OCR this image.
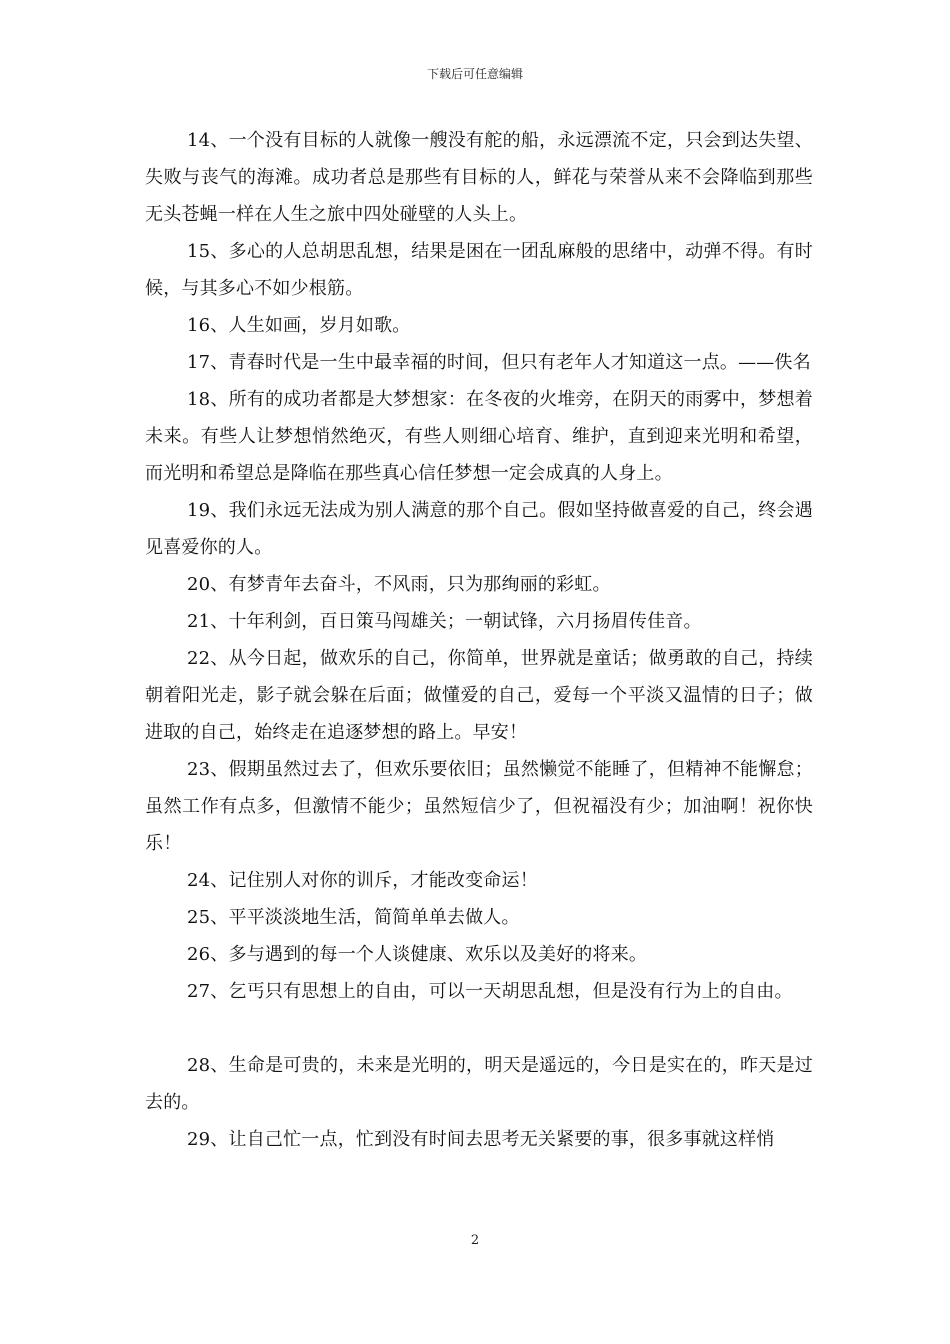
下载后可任意编辑

14、一个没有目标的人就像一艘没有舵的船，永远漂流不定，只会到达失望、失败与丧气的海滩。成功者总是那些有目标的人，鲜花与荣誉从来不会降临到那些无头苍蝇一样在人生之旅中四处碰壁的人头上。

15、多心的人总胡思乱想，结果是困在一团乱麻般的思绪中，动弹不得。有时候，与其多心不如少根筋。

16、人生如画，岁月如歌。

17、青春时代是一生中最幸福的时间，但只有老年人才知道这一点。——佚名

18、所有的成功者都是大梦想家：在冬夜的火堆旁，在阴天的雨雾中，梦想着未来。有些人让梦想悄然绝灭，有些人则细心培育、维护，直到迎来光明和希望，而光明和希望总是降临在那些真心信任梦想一定会成真的人身上。

19、我们永远无法成为别人满意的那个自己。假如坚持做喜爱的自己，终会遇见喜爱你的人。

20、有梦青年去奋斗，不风雨，只为那绚丽的彩虹。

21、十年利剑，百日策马闯雄关；一朝试锋，六月扬眉传佳音。

22、从今日起，做欢乐的自己，你简单，世界就是童话；做勇敢的自己，持续朝着阳光走，影子就会躲在后面；做懂爱的自己，爱每一个平淡又温情的日子；做进取的自己，始终走在追逐梦想的路上。早安！

23、假期虽然过去了，但欢乐要依旧；虽然懒觉不能睡了，但精神不能懈怠；虽然工作有点多，但激情不能少；虽然短信少了，但祝福没有少；加油啊！祝你快乐！

24、记住别人对你的训斥，才能改变命运！

25、平平淡淡地生活，简简单单去做人。

26、多与遇到的每一个人谈健康、欢乐以及美好的将来。

27、乞丐只有思想上的自由，可以一天胡思乱想，但是没有行为上的自由。

28、生命是可贵的，未来是光明的，明天是遥远的，今日是实在的，昨天是过去的。

29、让自己忙一点，忙到没有时间去思考无关紧要的事，很多事就这样悄

2
